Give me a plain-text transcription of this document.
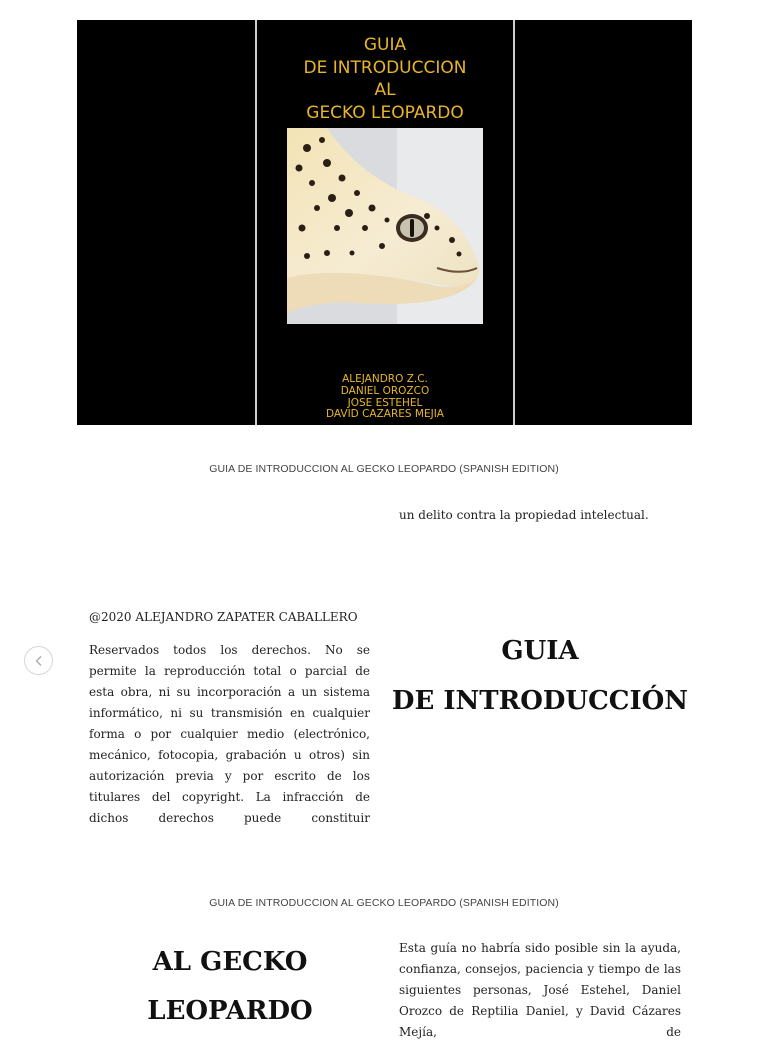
GUIA
DE INTRODUCCION
AL
GECKO LEOPARDO
ALEJANDRO Z.C.
DANIEL OROZCO
JOSE ESTEHEL
DAVID CAZARES MEJIA
GUIA DE INTRODUCCION AL GECKO LEOPARDO (SPANISH EDITION)
un delito contra la propiedad intelectual.
@2020 ALEJANDRO ZAPATER CABALLERO
Reservados todos los derechos. No se permite la reproducción total o parcial de esta obra, ni su incorporación a un sistema informático, ni su transmisión en cualquier forma o por cualquier medio (electrónico, mecánico, fotocopia, grabación u otros) sin autorización previa y por escrito de los titulares del copyright. La infracción de dichos derechos puede constituir
GUIA
DE INTRODUCCIÓN
GUIA DE INTRODUCCION AL GECKO LEOPARDO (SPANISH EDITION)
AL GECKO
LEOPARDO
Esta guía no habría sido posible sin la ayuda, confianza, consejos, paciencia y tiempo de las siguientes personas, José Estehel, Daniel Orozco de Reptilia Daniel, y David Cázares Mejía, de
